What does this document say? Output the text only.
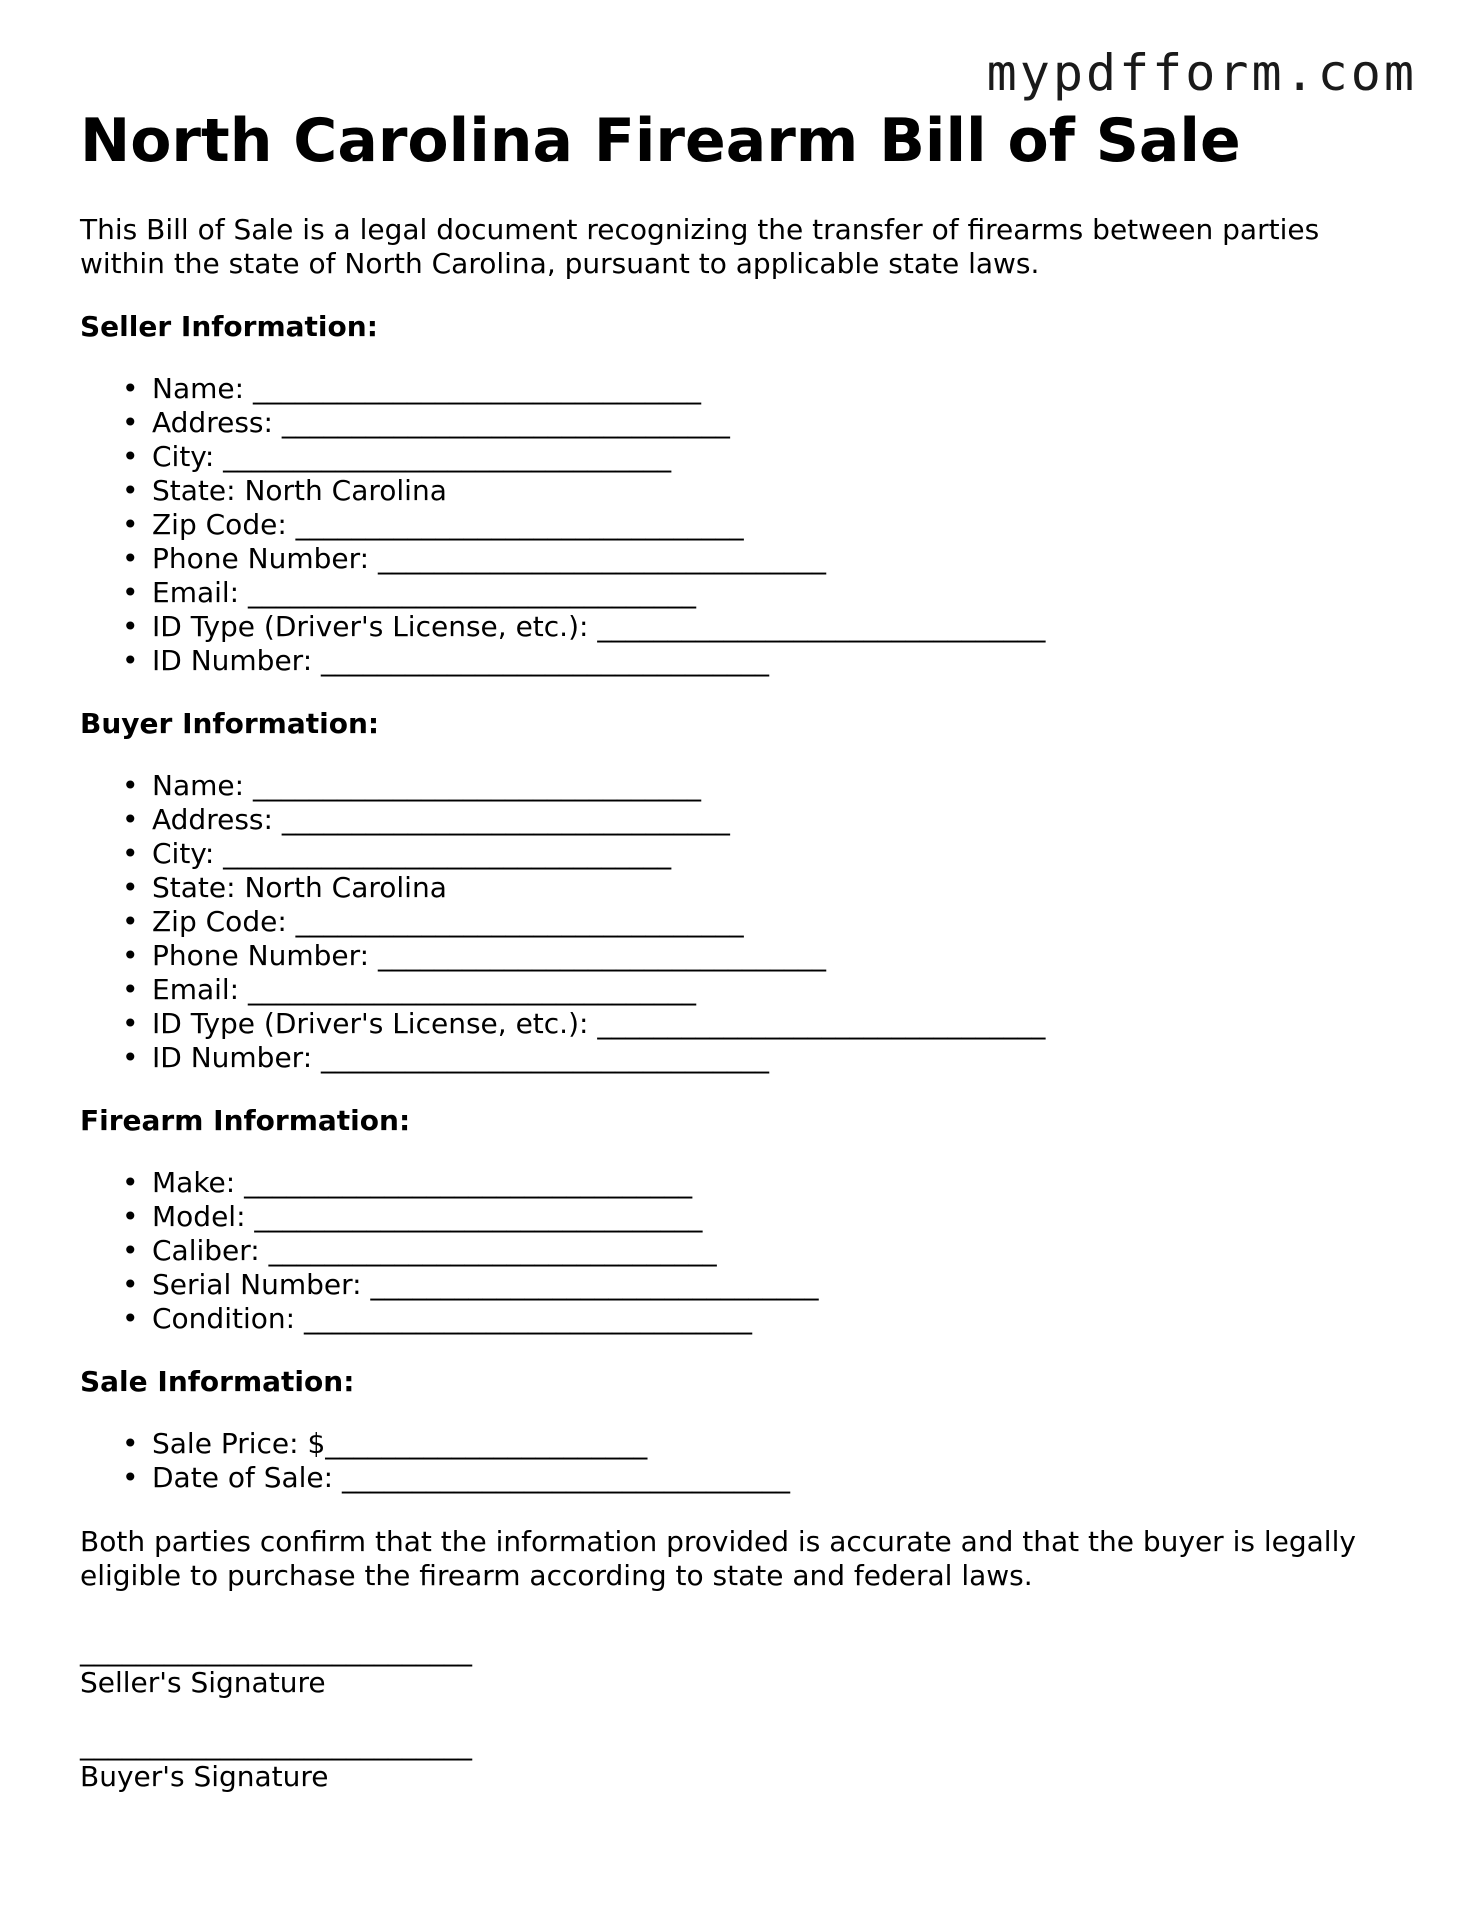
mypdfform.com
North Carolina Firearm Bill of Sale

This Bill of Sale is a legal document recognizing the transfer of firearms between parties within the state of North Carolina, pursuant to applicable state laws.

Seller Information:
• Name: ________________________________
• Address: ________________________________
• City: ________________________________
• State: North Carolina
• Zip Code: ________________________________
• Phone Number: ________________________________
• Email: ________________________________
• ID Type (Driver's License, etc.): ________________________________
• ID Number: ________________________________
Buyer Information:
• Name: ________________________________
• Address: ________________________________
• City: ________________________________
• State: North Carolina
• Zip Code: ________________________________
• Phone Number: ________________________________
• Email: ________________________________
• ID Type (Driver's License, etc.): ________________________________
• ID Number: ________________________________
Firearm Information:
• Make: ________________________________
• Model: ________________________________
• Caliber: ________________________________
• Serial Number: ________________________________
• Condition: ________________________________
Sale Information:
• Sale Price: $_______________________
• Date of Sale: ________________________________

Both parties confirm that the information provided is accurate and that the buyer is legally eligible to purchase the firearm according to state and federal laws.

____________________________

Seller's Signature

____________________________

Buyer's Signature
